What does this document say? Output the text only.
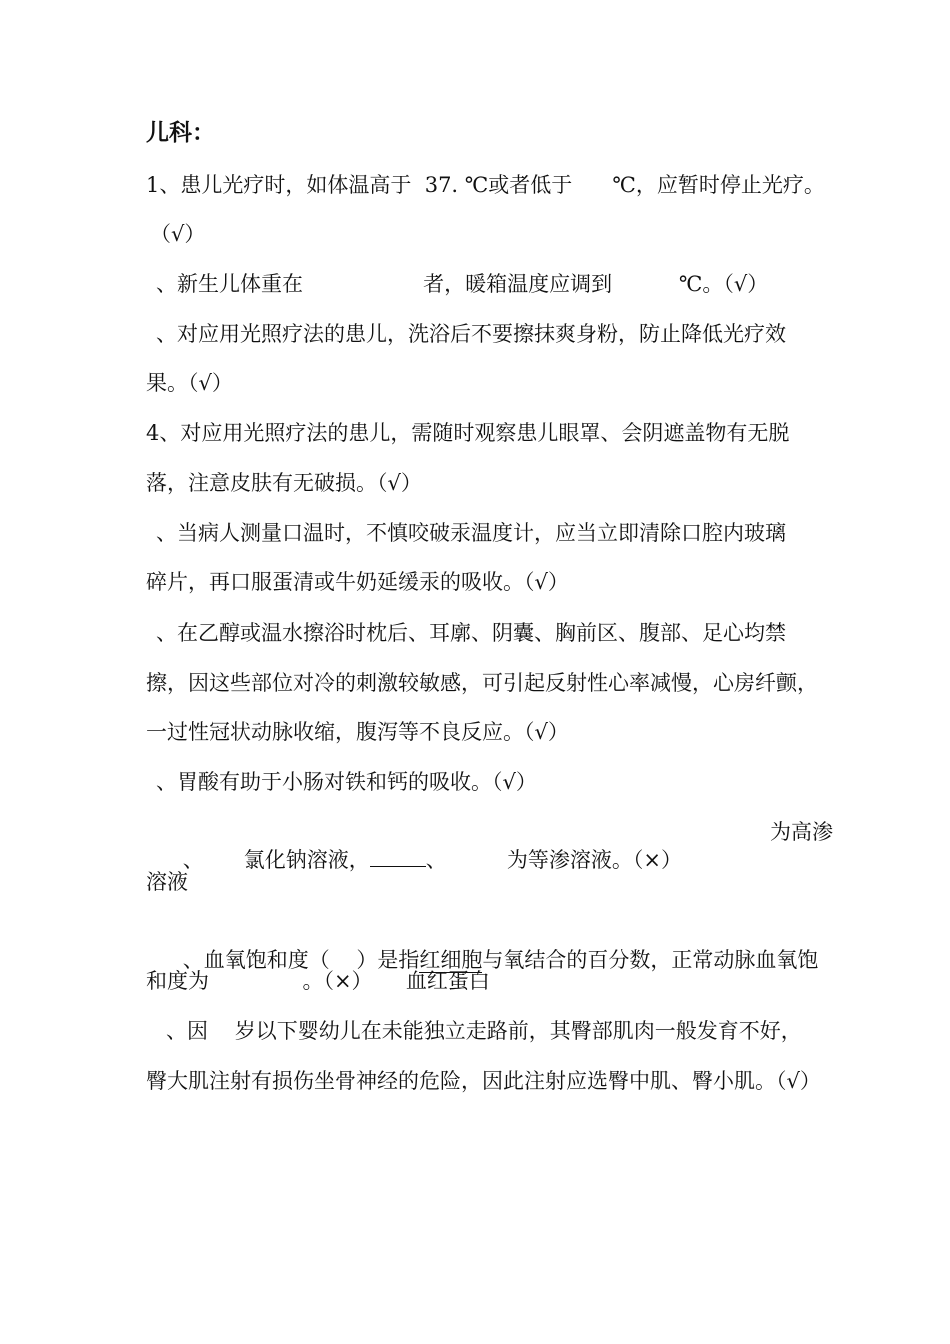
儿科：
1、患儿光疗时，如体温高于  37. ℃或者低于      ℃，应暂时停止光疗。
（√）
、新生儿体重在                  者，暖箱温度应调到          ℃。（√）
、对应用光照疗法的患儿，洗浴后不要擦抹爽身粉，防止降低光疗效
果。（√）
4、对应用光照疗法的患儿，需随时观察患儿眼罩、会阴遮盖物有无脱
落，注意皮肤有无破损。（√）
、当病人测量口温时，不慎咬破汞温度计，应当立即清除口腔内玻璃
碎片，再口服蛋清或牛奶延缓汞的吸收。（√）
、在乙醇或温水擦浴时枕后、耳廓、阴囊、胸前区、腹部、足心均禁
擦，因这些部位对冷的刺激较敏感，可引起反射性心率减慢，心房纤颤，
一过性冠状动脉收缩，腹泻等不良反应。（√）
、胃酸有助于小肠对铁和钙的吸收。（√）

、      氯化钠溶液，	、         为等渗溶液。（×）

为高渗
溶液

、血氧饱和度（    ）是指红细胞与氧结合的百分数，正常动脉血氧饱

和度为              。（×）     血红蛋白
、因    岁以下婴幼儿在未能独立走路前，其臀部肌肉一般发育不好，
臀大肌注射有损伤坐骨神经的危险，因此注射应选臀中肌、臀小肌。（√）
